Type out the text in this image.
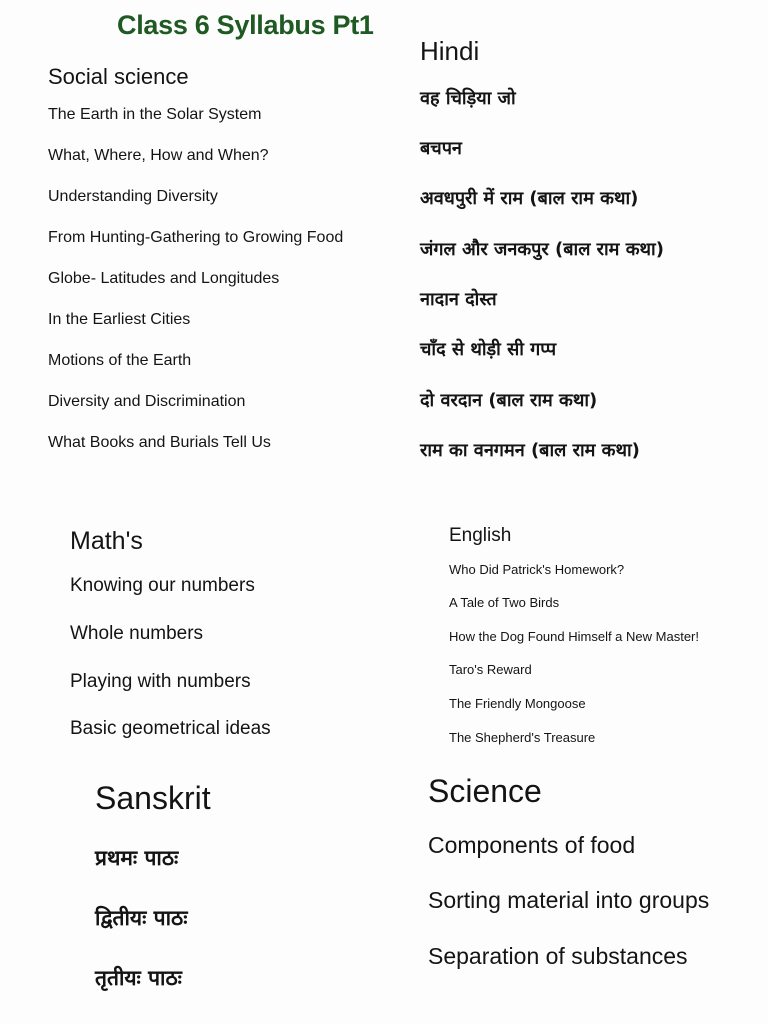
Class 6 Syllabus Pt1
Social science
The Earth in the Solar System
What, Where, How and When?
Understanding Diversity
From Hunting-Gathering to Growing Food
Globe- Latitudes and Longitudes
In the Earliest Cities
Motions of the Earth
Diversity and Discrimination
What Books and Burials Tell Us
Hindi
वह चिड़िया जो
बचपन
अवधपुरी में राम (बाल राम कथा)
जंगल और जनकपुर (बाल राम कथा)
नादान दोस्त
चाँद से थोड़ी सी गप्प
दो वरदान (बाल राम कथा)
राम का वनगमन (बाल राम कथा)
Math's
Knowing our numbers
Whole numbers
Playing with numbers
Basic geometrical ideas
English
Who Did Patrick's Homework?
A Tale of Two Birds
How the Dog Found Himself a New Master!
Taro's Reward
The Friendly Mongoose
The Shepherd's Treasure
Sanskrit
प्रथमः पाठः
द्वितीयः पाठः
तृतीयः पाठः
Science
Components of food
Sorting material into groups
Separation of substances
